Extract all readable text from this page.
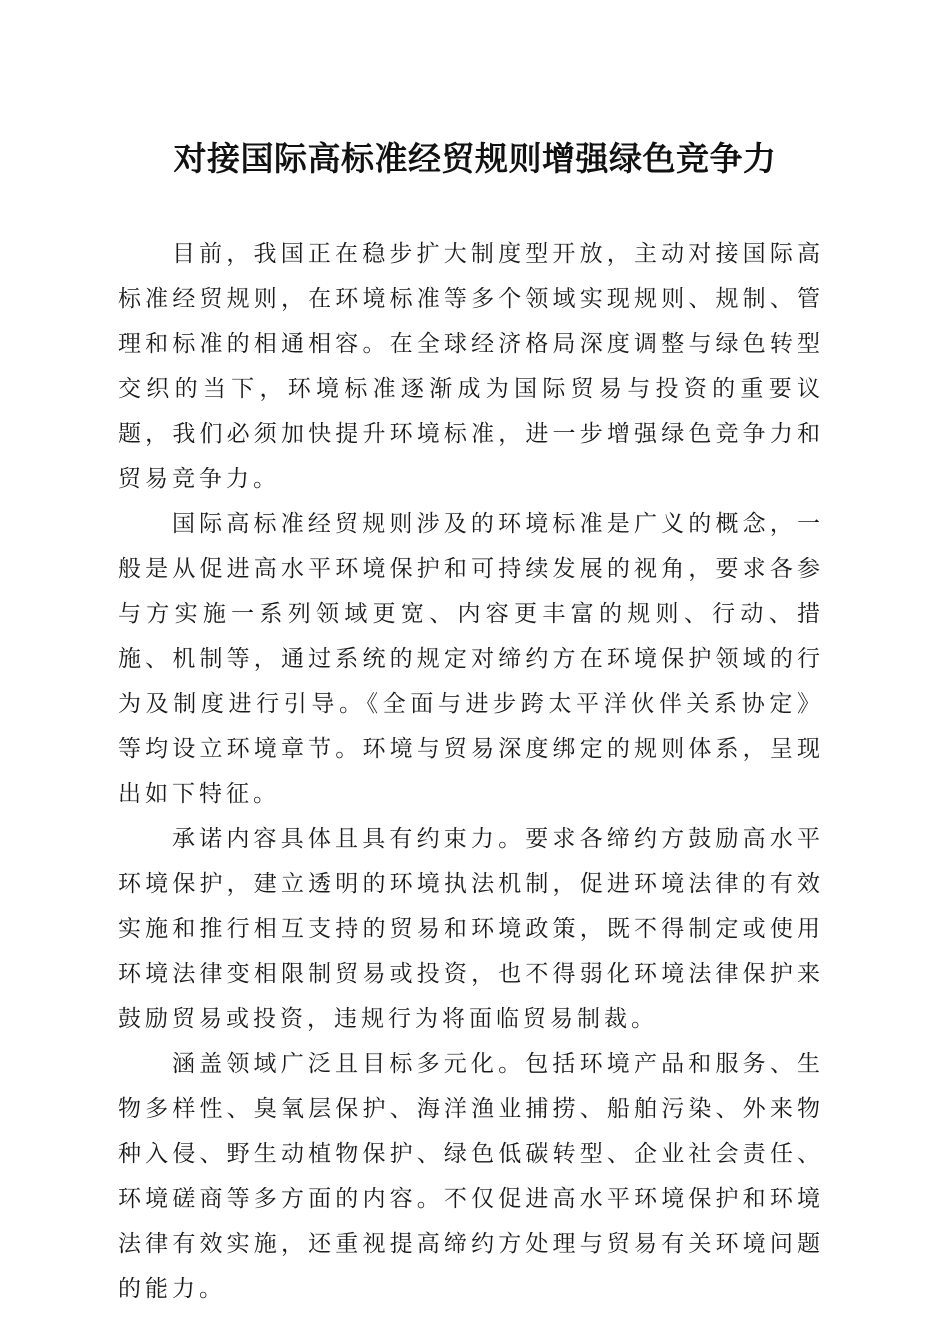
对接国际高标准经贸规则增强绿色竞争力

目前，我国正在稳步扩大制度型开放，主动对接国际高标准经贸规则，在环境标准等多个领域实现规则、规制、管理和标准的相通相容。在全球经济格局深度调整与绿色转型交织的当下，环境标准逐渐成为国际贸易与投资的重要议题，我们必须加快提升环境标准，进一步增强绿色竞争力和贸易竞争力。

国际高标准经贸规则涉及的环境标准是广义的概念，一般是从促进高水平环境保护和可持续发展的视角，要求各参与方实施一系列领域更宽、内容更丰富的规则、行动、措施、机制等，通过系统的规定对缔约方在环境保护领域的行为及制度进行引导。《全面与进步跨太平洋伙伴关系协定》等均设立环境章节。环境与贸易深度绑定的规则体系，呈现出如下特征。

承诺内容具体且具有约束力。要求各缔约方鼓励高水平环境保护，建立透明的环境执法机制，促进环境法律的有效实施和推行相互支持的贸易和环境政策，既不得制定或使用环境法律变相限制贸易或投资，也不得弱化环境法律保护来鼓励贸易或投资，违规行为将面临贸易制裁。

涵盖领域广泛且目标多元化。包括环境产品和服务、生物多样性、臭氧层保护、海洋渔业捕捞、船舶污染、外来物种入侵、野生动植物保护、绿色低碳转型、企业社会责任、环境磋商等多方面的内容。不仅促进高水平环境保护和环境法律有效实施，还重视提高缔约方处理与贸易有关环境问题的能力。
